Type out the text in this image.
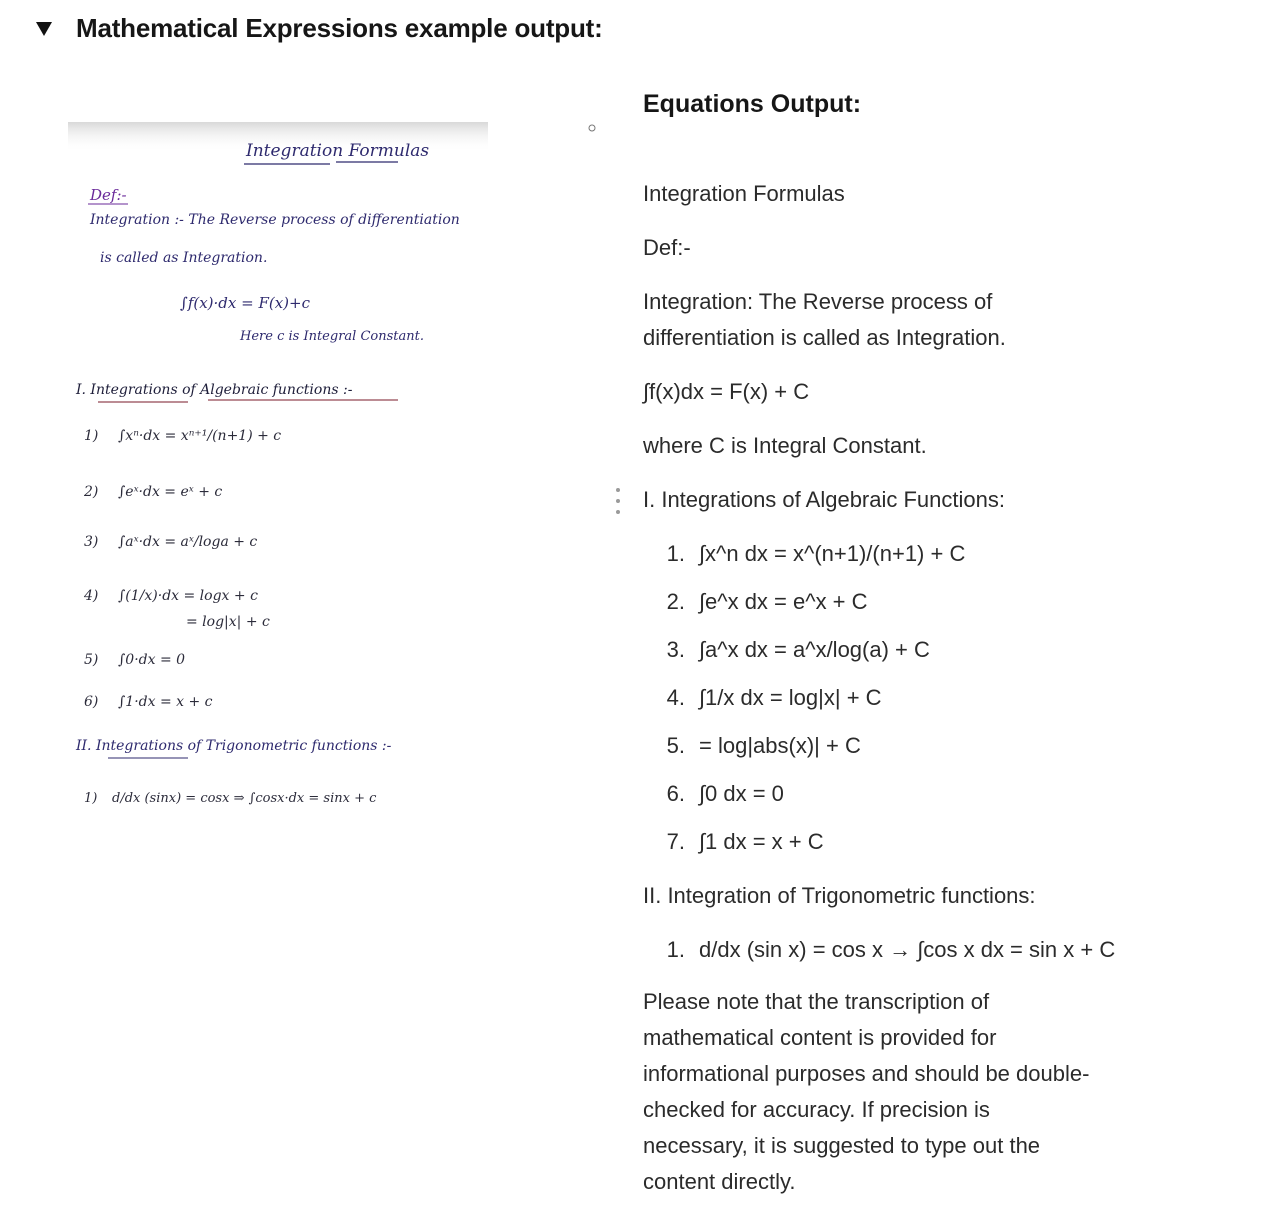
Mathematical Expressions example output:
Integration Formulas
Def:-
Integration :- The Reverse process of differentiation
is called as Integration.
∫f(x)·dx = F(x)+c
Here c is Integral Constant.
I. Integrations of Algebraic functions :-
1) ∫xⁿ·dx = xⁿ⁺¹/(n+1) + c
2) ∫eˣ·dx = eˣ + c
3) ∫aˣ·dx = aˣ/loga + c
4) ∫(1/x)·dx = logx + c
= log|x| + c
5) ∫0·dx = 0
6) ∫1·dx = x + c
II. Integrations of Trigonometric functions :-
1) d/dx (sinx) = cosx ⇒ ∫cosx·dx = sinx + c
Equations Output:
Integration Formulas
Def:-
Integration: The Reverse process of
differentiation is called as Integration.
∫f(x)dx = F(x) + C
where C is Integral Constant.
I. Integrations of Algebraic Functions:
1. ∫x^n dx = x^(n+1)/(n+1) + C
2. ∫e^x dx = e^x + C
3. ∫a^x dx = a^x/log(a) + C
4. ∫1/x dx = log|x| + C
5. = log|abs(x)| + C
6. ∫0 dx = 0
7. ∫1 dx = x + C
II. Integration of Trigonometric functions:
1. d/dx (sin x) = cos x → ∫cos x dx = sin x + C
Please note that the transcription of
mathematical content is provided for
informational purposes and should be double-
checked for accuracy. If precision is
necessary, it is suggested to type out the
content directly.
